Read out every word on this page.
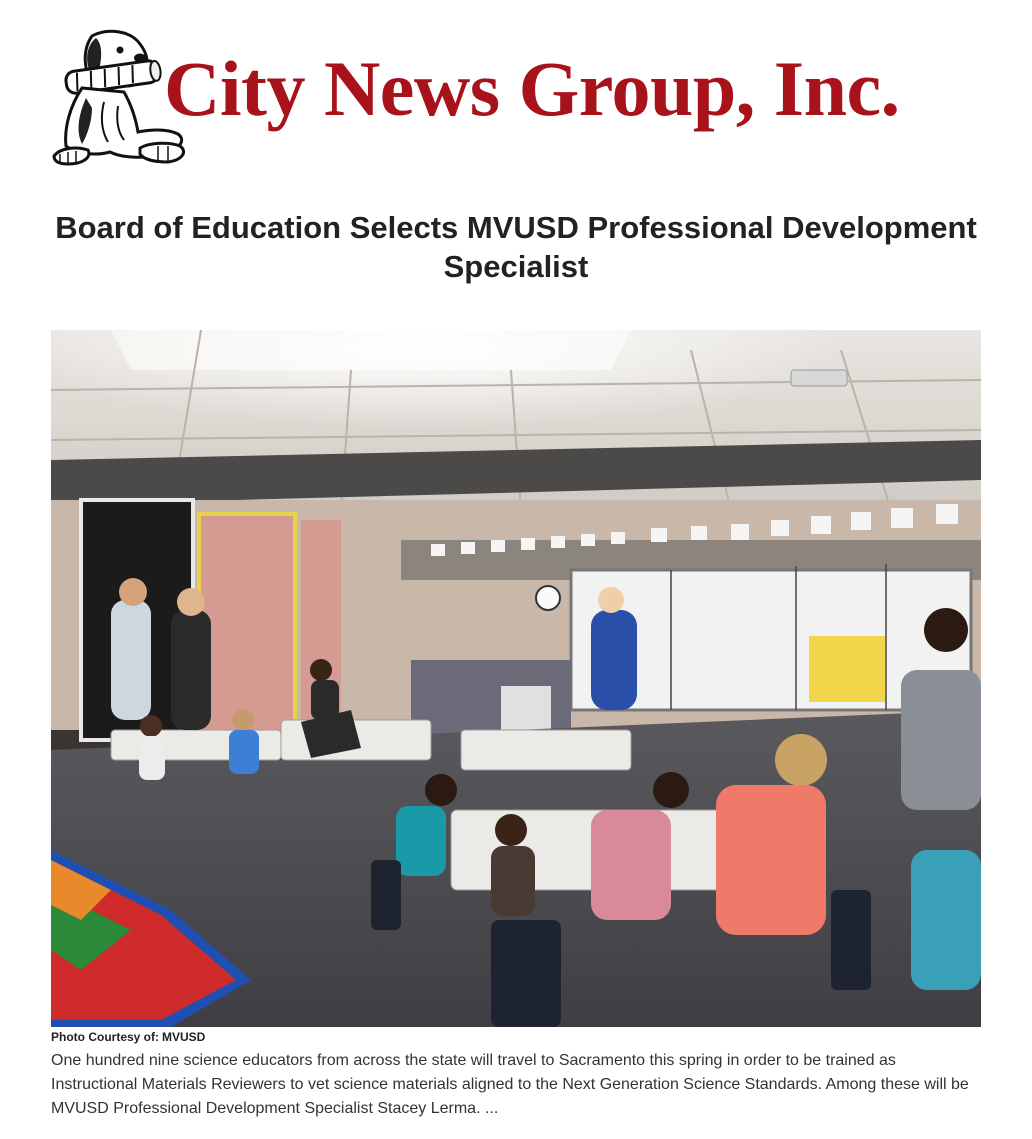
City News Group, Inc.
Board of Education Selects MVUSD Professional Development Specialist
Photo Courtesy of: MVUSD

One hundred nine science educators from across the state will travel to Sacramento this spring in order to be trained as Instructional Materials Reviewers to vet science materials aligned to the Next Generation Science Standards. Among these will be MVUSD Professional Development Specialist Stacey Lerma. ...
